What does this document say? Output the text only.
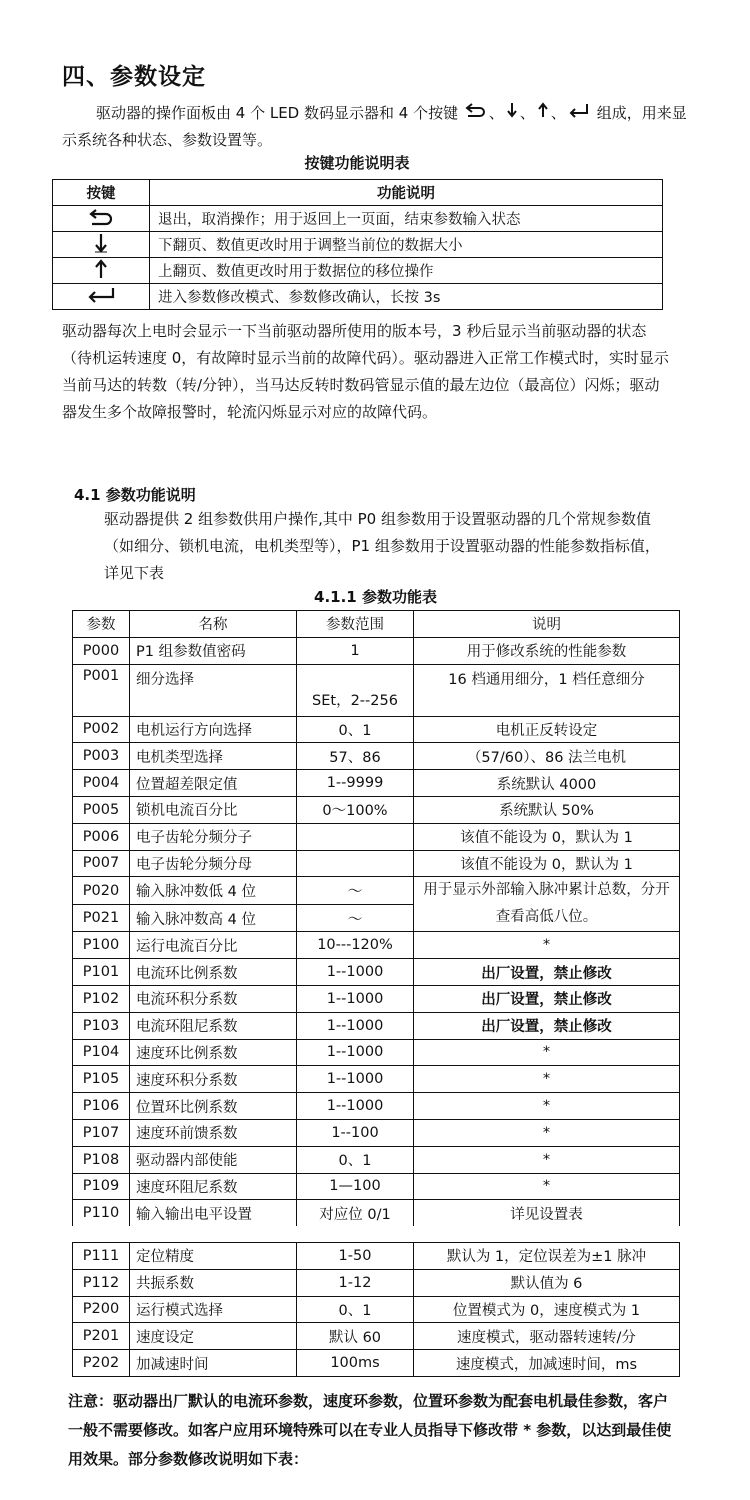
四、参数设定
驱动器的操作面板由 4 个 LED 数码显示器和 4 个按键 、 、 、 组成，用来显示系统各种状态、参数设置等。
按键功能说明表
按键	功能说明
	退出，取消操作；用于返回上一页面，结束参数输入状态
	下翻页、数值更改时用于调整当前位的数据大小
	上翻页、数值更改时用于数据位的移位操作
	进入参数修改模式、参数修改确认，长按 3s
驱动器每次上电时会显示一下当前驱动器所使用的版本号，3 秒后显示当前驱动器的状态（待机运转速度 0，有故障时显示当前的故障代码）。驱动器进入正常工作模式时，实时显示当前马达的转数（转/分钟），当马达反转时数码管显示值的最左边位（最高位）闪烁；驱动器发生多个故障报警时，轮流闪烁显示对应的故障代码。
4.1 参数功能说明
驱动器提供 2 组参数供用户操作,其中 P0 组参数用于设置驱动器的几个常规参数值（如细分、锁机电流，电机类型等），P1 组参数用于设置驱动器的性能参数指标值，详见下表
4.1.1 参数功能表
参数	名称	参数范围	说明
P000	P1 组参数值密码	1	用于修改系统的性能参数
P001	细分选择	SEt，2--256	16 档通用细分，1 档任意细分
P002	电机运行方向选择	0、1	电机正反转设定
P003	电机类型选择	57、86	（57/60）、86 法兰电机
P004	位置超差限定值	1--9999	系统默认 4000
P005	锁机电流百分比	0～100%	系统默认 50%
P006	电子齿轮分频分子		该值不能设为 0，默认为 1
P007	电子齿轮分频分母		该值不能设为 0，默认为 1
P020	输入脉冲数低 4 位	～	用于显示外部输入脉冲累计总数，分开查看高低八位。
P021	输入脉冲数高 4 位	～	
P100	运行电流百分比	10---120%	*
P101	电流环比例系数	1--1000	出厂设置，禁止修改
P102	电流环积分系数	1--1000	出厂设置，禁止修改
P103	电流环阻尼系数	1--1000	出厂设置，禁止修改
P104	速度环比例系数	1--1000	*
P105	速度环积分系数	1--1000	*
P106	位置环比例系数	1--1000	*
P107	速度环前馈系数	1--100	*
P108	驱动器内部使能	0、1	*
P109	速度环阻尼系数	1—100	*
P110	输入输出电平设置	对应位 0/1	详见设置表
P111	定位精度	1-50	默认为 1，定位误差为±1 脉冲
P112	共振系数	1-12	默认值为 6
P200	运行模式选择	0、1	位置模式为 0，速度模式为 1
P201	速度设定	默认 60	速度模式，驱动器转速转/分
P202	加减速时间	100ms	速度模式，加减速时间，ms
注意：驱动器出厂默认的电流环参数，速度环参数，位置环参数为配套电机最佳参数，客户一般不需要修改。如客户应用环境特殊可以在专业人员指导下修改带 * 参数，以达到最佳使用效果。部分参数修改说明如下表：
